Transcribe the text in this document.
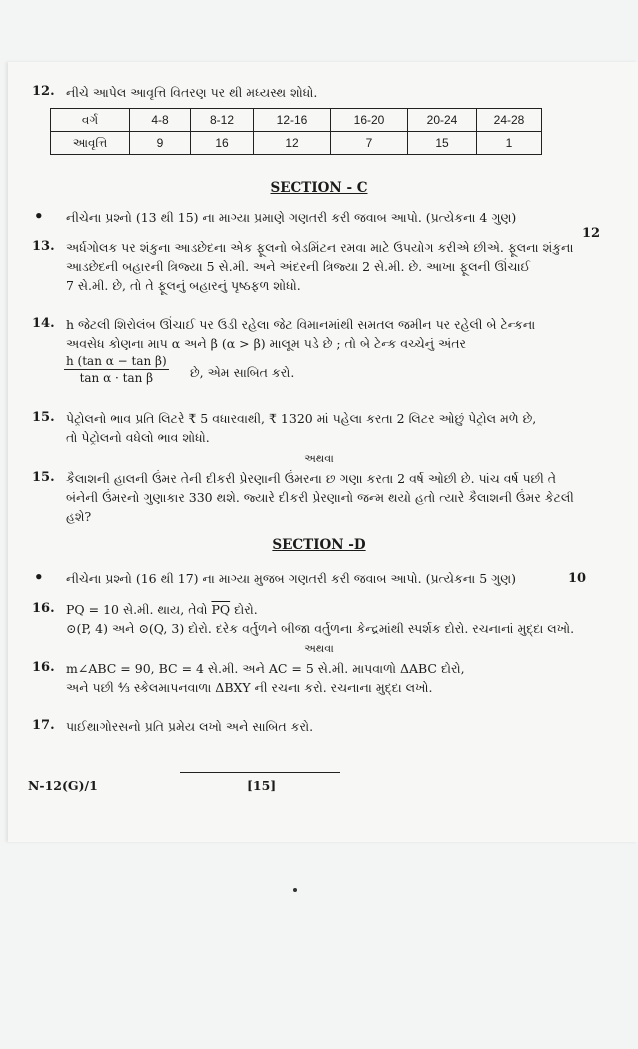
12. નીચે આપેલ આવૃત્તિ વિતરણ પર થી મધ્યસ્થ શોધો.
વર્ગ	4-8	8-12	12-16	16-20	20-24	24-28
આવૃત્તિ	9	16	12	7	15	1
SECTION - C
• નીચેના પ્રશ્નો (13 થી 15) ના માગ્યા પ્રમાણે ગણતરી કરી જવાબ આપો. (પ્રત્યેકના 4 ગુણ)
12
13. અર્ધગોલક પર શંકુના આડછેદના એક ફૂલનો બેડમિંટન રમવા માટે ઉપયોગ કરીએ છીએ. ફૂલના શંકુના
આડછેદની બહારની ત્રિજ્યા 5 સે.મી. અને અંદરની ત્રિજ્યા 2 સે.મી. છે. આખા ફૂલની ઊંચાઈ
7 સે.મી. છે, તો તે ફૂલનું બહારનું પૃષ્ઠફળ શોધો.
14. h જેટલી શિરોલંબ ઊંચાઈ પર ઉડી રહેલા જેટ વિમાનમાંથી સમતલ જમીન પર રહેલી બે ટેન્કના
અવસેધ કોણના માપ α અને β (α > β) માલૂમ પડે છે ; તો બે ટેન્ક વચ્ચેનું અંતર
$\frac{\text{h (tan α − tan β)}}{\text{tan α · tan β}}$ છે, એમ સાબિત કરો.
15. પેટ્રોલનો ભાવ પ્રતિ લિટરે ₹ 5 વધારવાથી, ₹ 1320 માં પહેલા કરતા 2 લિટર ઓછું પેટ્રોલ મળે છે,
તો પેટ્રોલનો વધેલો ભાવ શોધો.
અથવા
15. કૈલાશની હાલની ઉંમર તેની દીકરી પ્રેરણાની ઉંમરના છ ગણા કરતા 2 વર્ષ ઓછી છે. પાંચ વર્ષ પછી તે
બંનેની ઉંમરનો ગુણાકાર 330 થશે. જ્યારે દીકરી પ્રેરણાનો જન્મ થયો હતો ત્યારે કૈલાશની ઉંમર કેટલી
હશે?
SECTION -D
• નીચેના પ્રશ્નો (16 થી 17) ના માગ્યા મુજબ ગણતરી કરી જવાબ આપો. (પ્રત્યેકના 5 ગુણ)	10
16. PQ = 10 સે.મી. થાય, તેવો $\overline{PQ}$ દોરો.
⊙(P, 4) અને ⊙(Q, 3) દોરો. દરેક વર્તુળને બીજા વર્તુળના કેન્દ્રમાંથી સ્પર્શક દોરો. રચનાનાં મુદ્દા લખો.
અથવા
16. m∠ABC = 90, BC = 4 સે.મી. અને AC = 5 સે.મી. માપવાળો ΔABC દોરો,
અને પછી ⁴⁄₃ સ્કેલમાપનવાળા ΔBXY ની રચના કરો. રચનાના મુદ્દા લખો.
17. પાઈથાગોરસનો પ્રતિ પ્રમેય લખો અને સાબિત કરો.
N-12(G)/1	[15]
